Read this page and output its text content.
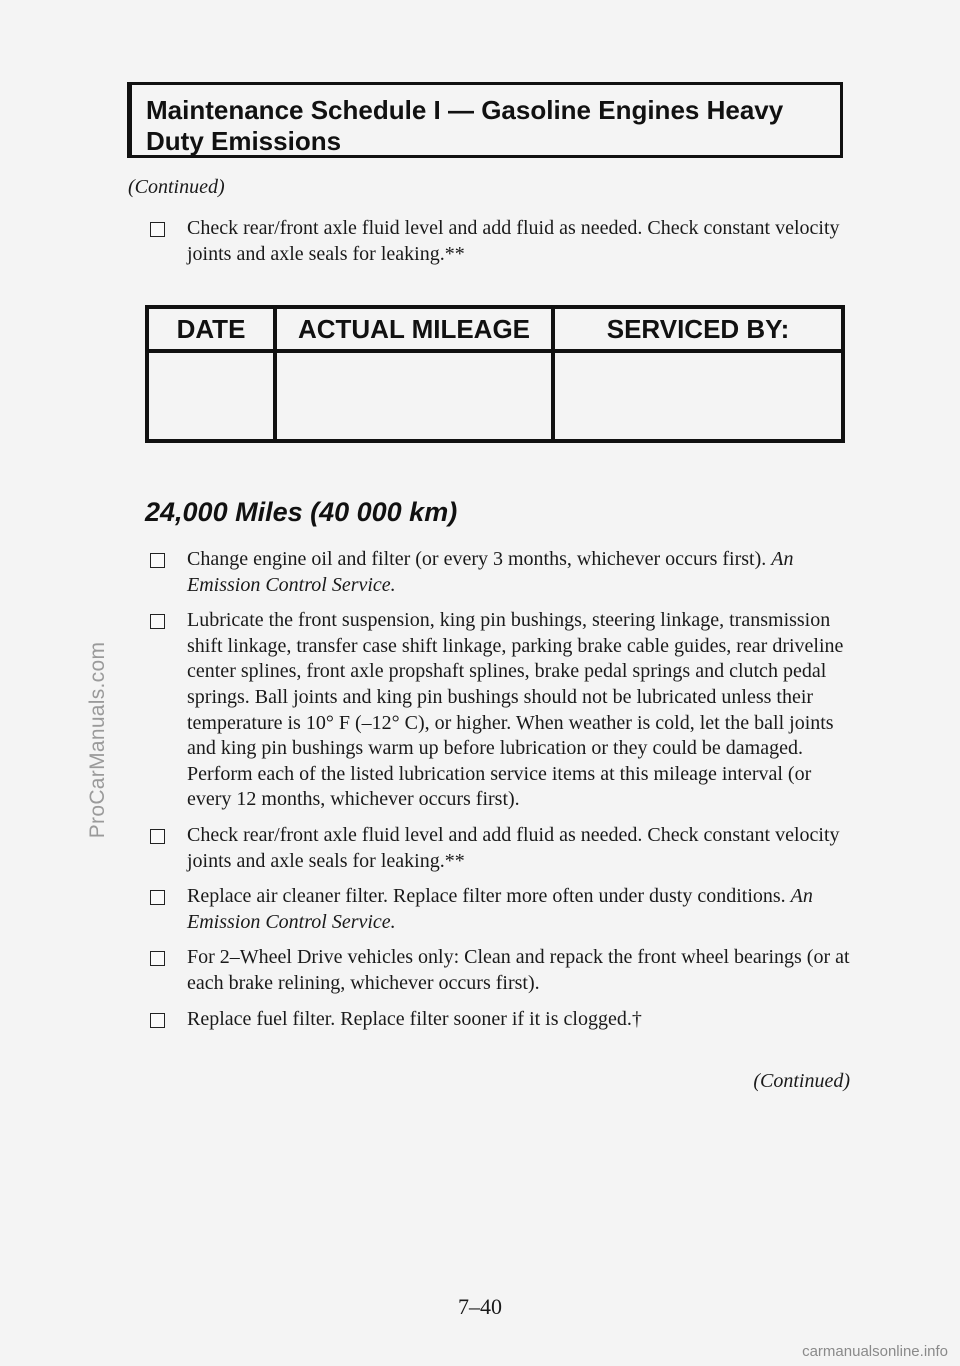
ProCarManuals.com
Maintenance Schedule I — Gasoline Engines Heavy
Duty Emissions
(Continued)
Check rear/front axle fluid level and add fluid as needed. Check constant velocity joints and axle seals for leaking.**
DATE	ACTUAL MILEAGE	SERVICED BY:

24,000 Miles (40 000 km)
Change engine oil and filter (or every 3 months, whichever occurs first). An Emission Control Service.
Lubricate the front suspension, king pin bushings, steering linkage, transmission shift linkage, transfer case shift linkage, parking brake cable guides, rear driveline center splines, front axle propshaft splines, brake pedal springs and clutch pedal springs. Ball joints and king pin bushings should not be lubricated unless their temperature is 10° F (–12° C), or higher. When weather is cold, let the ball joints and king pin bushings warm up before lubrication or they could be damaged. Perform each of the listed lubrication service items at this mileage interval (or every 12 months, whichever occurs first).
Check rear/front axle fluid level and add fluid as needed. Check constant velocity joints and axle seals for leaking.**
Replace air cleaner filter. Replace filter more often under dusty conditions. An Emission Control Service.
For 2–Wheel Drive vehicles only: Clean and repack the front wheel bearings (or at each brake relining, whichever occurs first).
Replace fuel filter. Replace filter sooner if it is clogged.†
(Continued)
7–40
carmanualsonline.info
